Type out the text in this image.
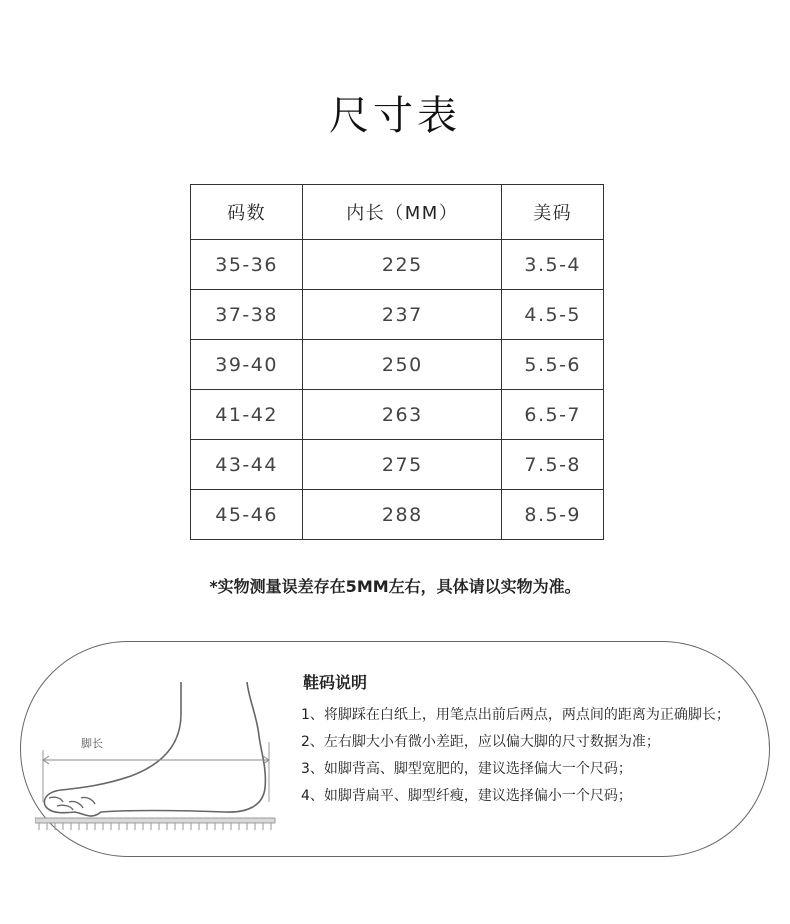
尺寸表
码数	内长（MM）	美码
35-36	225	3.5-4
37-38	237	4.5-5
39-40	250	5.5-6
41-42	263	6.5-7
43-44	275	7.5-8
45-46	288	8.5-9
*实物测量误差存在5MM左右，具体请以实物为准。
脚长
鞋码说明
1、将脚踩在白纸上，用笔点出前后两点，两点间的距离为正确脚长；
2、左右脚大小有微小差距，应以偏大脚的尺寸数据为准；
3、如脚背高、脚型宽肥的，建议选择偏大一个尺码；
4、如脚背扁平、脚型纤瘦，建议选择偏小一个尺码；
